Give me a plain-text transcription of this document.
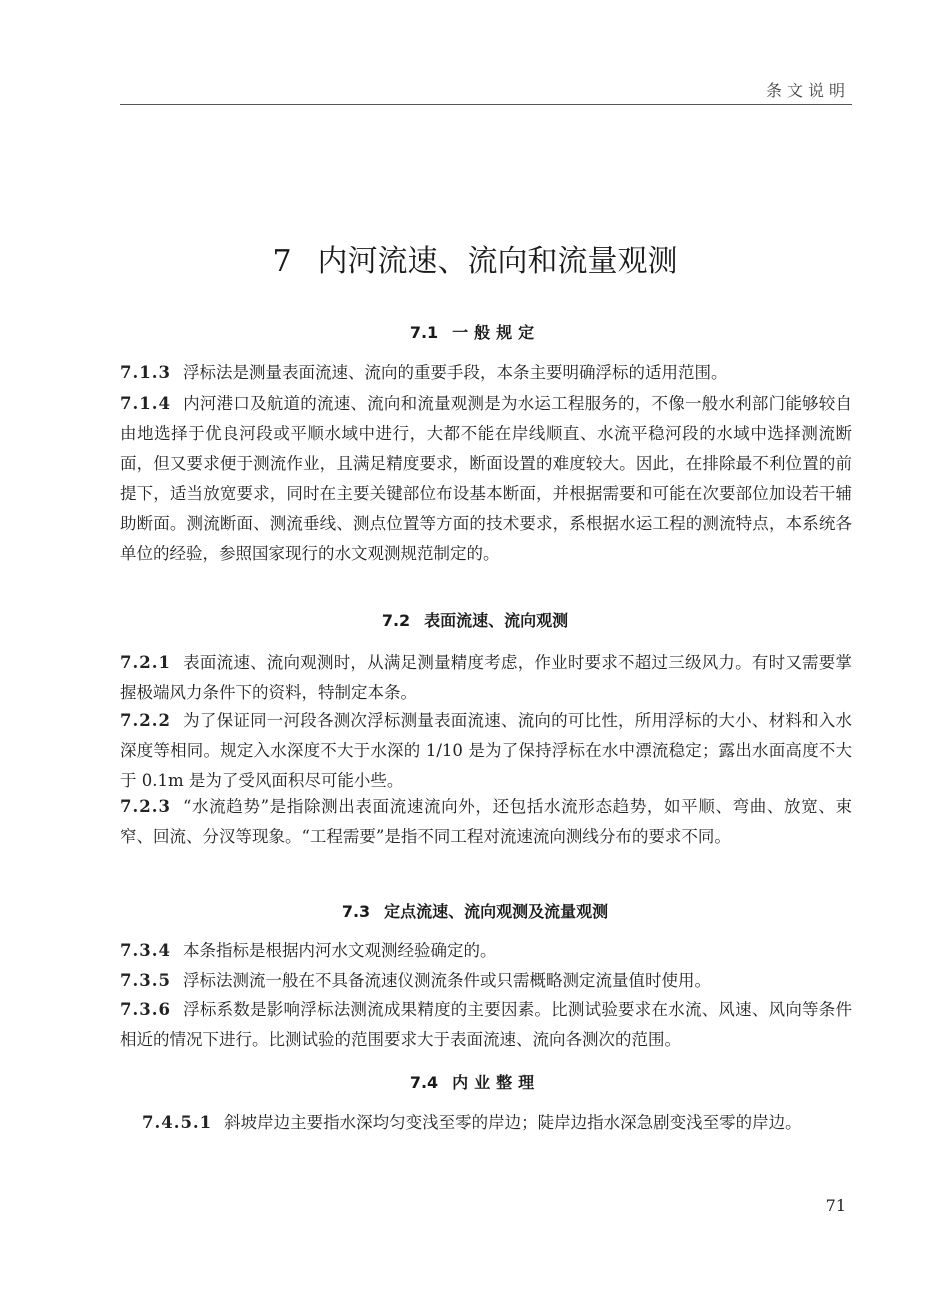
条文说明
7 内河流速、流向和流量观测
7.1 一般规定
7.1.3 浮标法是测量表面流速、流向的重要手段，本条主要明确浮标的适用范围。
7.1.4 内河港口及航道的流速、流向和流量观测是为水运工程服务的，不像一般水利部门能够较自由地选择于优良河段或平顺水域中进行，大都不能在岸线顺直、水流平稳河段的水域中选择测流断面，但又要求便于测流作业，且满足精度要求，断面设置的难度较大。因此，在排除最不利位置的前提下，适当放宽要求，同时在主要关键部位布设基本断面，并根据需要和可能在次要部位加设若干辅助断面。测流断面、测流垂线、测点位置等方面的技术要求，系根据水运工程的测流特点，本系统各单位的经验，参照国家现行的水文观测规范制定的。
7.2 表面流速、流向观测
7.2.1 表面流速、流向观测时，从满足测量精度考虑，作业时要求不超过三级风力。有时又需要掌握极端风力条件下的资料，特制定本条。
7.2.2 为了保证同一河段各测次浮标测量表面流速、流向的可比性，所用浮标的大小、材料和入水深度等相同。规定入水深度不大于水深的 1/10 是为了保持浮标在水中漂流稳定；露出水面高度不大于 0.1m 是为了受风面积尽可能小些。
7.2.3 “水流趋势”是指除测出表面流速流向外，还包括水流形态趋势，如平顺、弯曲、放宽、束窄、回流、分汊等现象。“工程需要”是指不同工程对流速流向测线分布的要求不同。
7.3 定点流速、流向观测及流量观测
7.3.4 本条指标是根据内河水文观测经验确定的。
7.3.5 浮标法测流一般在不具备流速仪测流条件或只需概略测定流量值时使用。
7.3.6 浮标系数是影响浮标法测流成果精度的主要因素。比测试验要求在水流、风速、风向等条件相近的情况下进行。比测试验的范围要求大于表面流速、流向各测次的范围。
7.4 内业整理
7.4.5.1 斜坡岸边主要指水深均匀变浅至零的岸边；陡岸边指水深急剧变浅至零的岸边。
71
